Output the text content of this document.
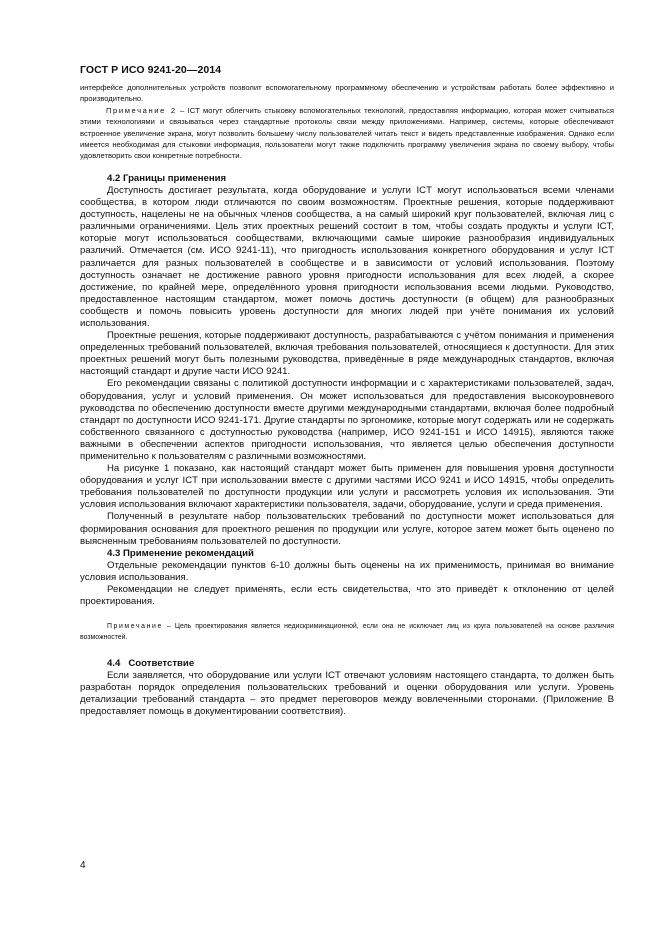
ГОСТ Р ИСО 9241-20—2014

интерфейсе дополнительных устройств позволит вспомогательному программному обеспечению и устройствам работать более эффективно и производительно.

Примечание 2 – ICT могут облегчить стыковку вспомогательных технологий, предоставляя информацию, которая может считываться этими технологиями и связываться через стандартные протоколы связи между приложениями. Например, системы, которые обеспечивают встроенное увеличение экрана, могут позволить большему числу пользователей читать текст и видеть представленные изображения. Однако если имеется необходимая для стыковки информация, пользователи могут также подключить программу увеличения экрана по своему выбору, чтобы удовлетворить свои конкретные потребности.

4.2 Границы применения

Доступность достигает результата, когда оборудование и услуги ICT могут использоваться всеми членами сообщества, в котором люди отличаются по своим возможностям. Проектные решения, которые поддерживают доступность, нацелены не на обычных членов сообщества, а на самый широкий круг пользователей, включая лиц с различными ограничениями. Цель этих проектных решений состоит в том, чтобы создать продукты и услуги ICT, которые могут использоваться сообществами, включающими самые широкие разнообразия индивидуальных различий. Отмечается (см. ИСО 9241-11), что пригодность использования конкретного оборудования и услуг ICT различается для разных пользователей в сообществе и в зависимости от условий использования. Поэтому доступность означает не достижение равного уровня пригодности использования для всех людей, а скорее достижение, по крайней мере, определённого уровня пригодности использования всеми людьми. Руководство, предоставленное настоящим стандартом, может помочь достичь доступности (в общем) для разнообразных сообществ и помочь повысить уровень доступности для многих людей при учёте понимания их условий использования.

Проектные решения, которые поддерживают доступность, разрабатываются с учётом понимания и применения определенных требований пользователей, включая требования пользователей, относящиеся к доступности. Для этих проектных решений могут быть полезными руководства, приведённые в ряде международных стандартов, включая настоящий стандарт и другие части ИСО 9241.

Его рекомендации связаны с политикой доступности информации и с характеристиками пользователей, задач, оборудования, услуг и условий применения. Он может использоваться для предоставления высокоуровневого руководства по обеспечению доступности вместе другими международными стандартами, включая более подробный стандарт по доступности ИСО 9241-171. Другие стандарты по эргономике, которые могут содержать или не содержать собственного связанного с доступностью руководства (например, ИСО 9241-151 и ИСО 14915), являются также важными в обеспечении аспектов пригодности использования, что является целью обеспечения доступности применительно к пользователям с различными возможностями.

На рисунке 1 показано, как настоящий стандарт может быть применен для повышения уровня доступности оборудования и услуг ICT при использовании вместе с другими частями ИСО 9241 и ИСО 14915, чтобы определить требования пользователей по доступности продукции или услуги и рассмотреть условия их использования. Эти условия использования включают характеристики пользователя, задачи, оборудование, услуги и среда применения.

Полученный в результате набор пользовательских требований по доступности может использоваться для формирования основания для проектного решения по продукции или услуге, которое затем может быть оценено по выясненным требованиям пользователей по доступности.

4.3 Применение рекомендаций

Отдельные рекомендации пунктов 6-10 должны быть оценены на их применимость, принимая во внимание условия использования.

Рекомендации не следует применять, если есть свидетельства, что это приведёт к отклонению от целей проектирования.

Примечание – Цель проектирования является недискриминационной, если она не исключает лиц из круга пользователей на основе различия возможностей.

4.4   Соответствие

Если заявляется, что оборудование или услуги ICT отвечают условиям настоящего стандарта, то должен быть разработан порядок определения пользовательских требований и оценки оборудования или услуги. Уровень детализации требований стандарта – это предмет переговоров между вовлеченными сторонами. (Приложение В предоставляет помощь в документировании соответствия).

4
